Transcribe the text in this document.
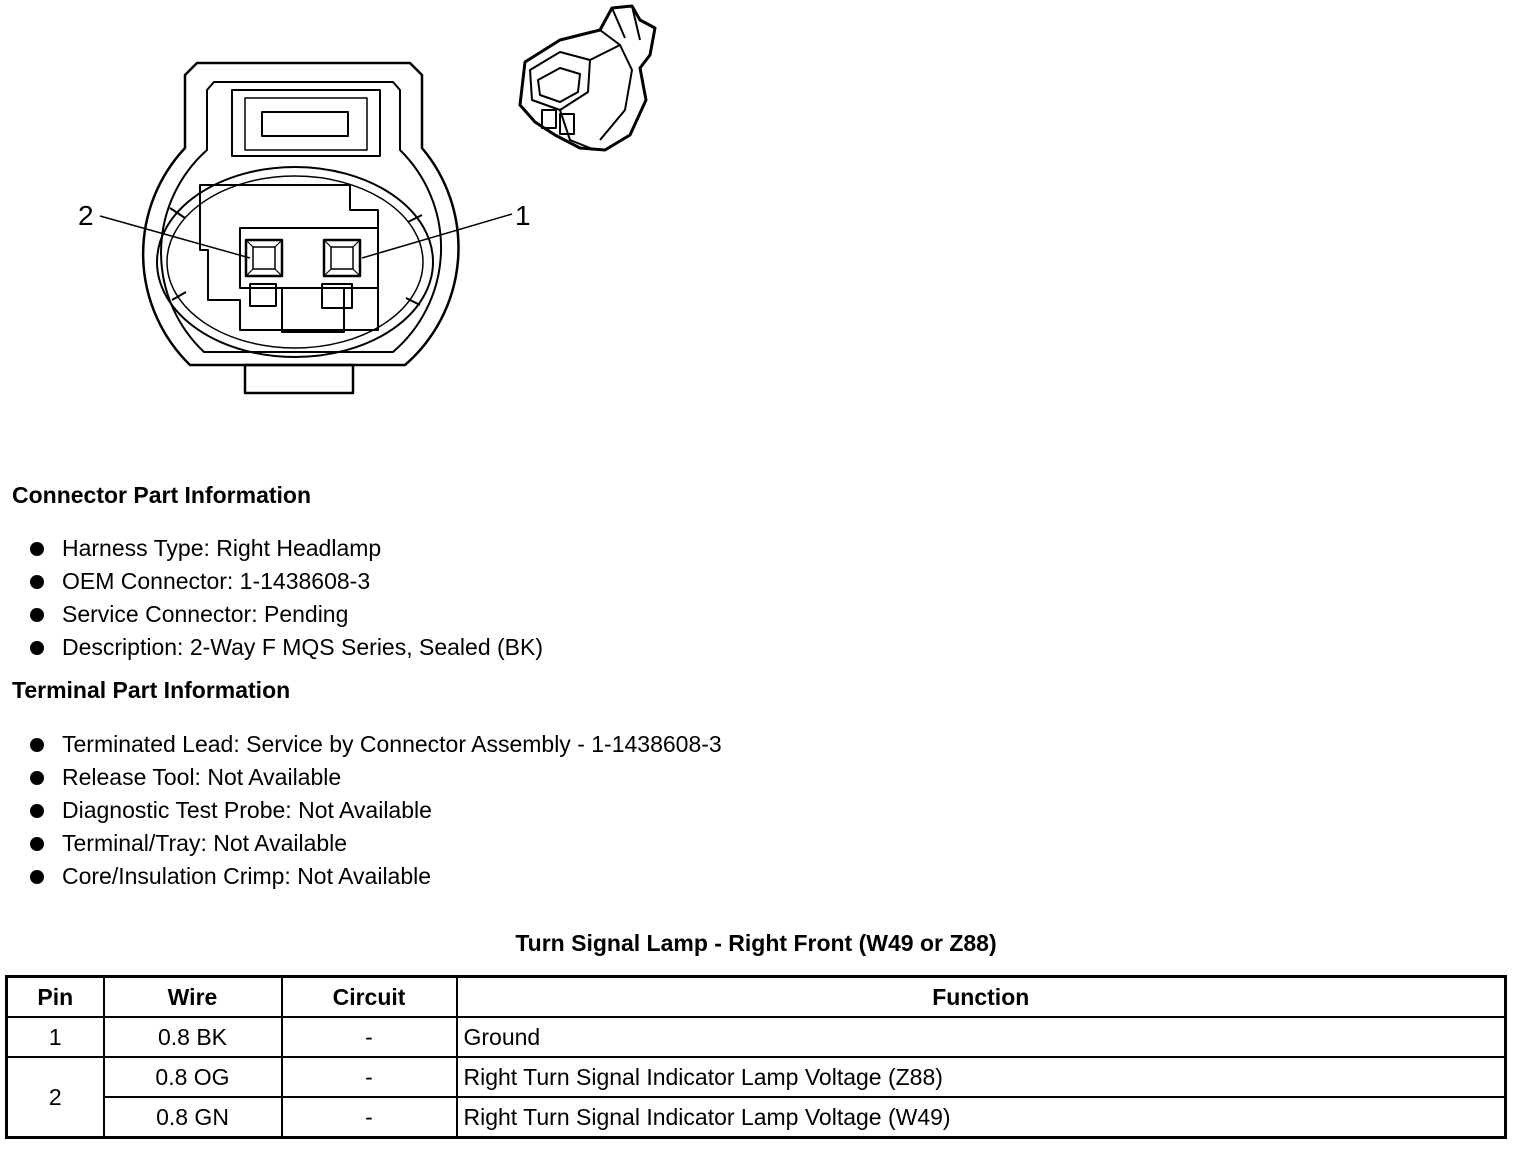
2	1
Connector Part Information
Harness Type: Right Headlamp
OEM Connector: 1-1438608-3
Service Connector: Pending
Description: 2-Way F MQS Series, Sealed (BK)
Terminal Part Information
Terminated Lead: Service by Connector Assembly - 1-1438608-3
Release Tool: Not Available
Diagnostic Test Probe: Not Available
Terminal/Tray: Not Available
Core/Insulation Crimp: Not Available
Turn Signal Lamp - Right Front (W49 or Z88)
Pin	Wire	Circuit	Function
1	0.8 BK	-	Ground
2	0.8 OG	-	Right Turn Signal Indicator Lamp Voltage (Z88)
	0.8 GN	-	Right Turn Signal Indicator Lamp Voltage (W49)
